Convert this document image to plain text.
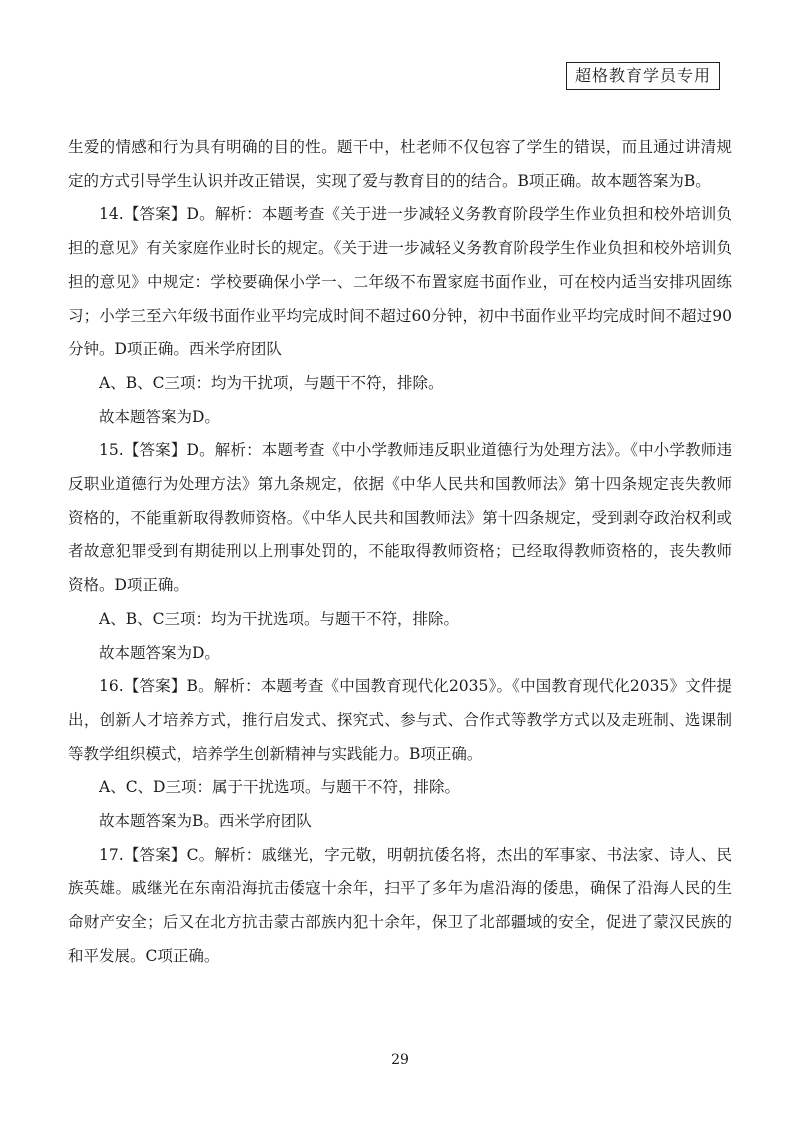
超格教育学员专用

生爱的情感和行为具有明确的目的性。题干中，杜老师不仅包容了学生的错误，而且通过讲清规定的方式引导学生认识并改正错误，实现了爱与教育目的的结合。B项正确。故本题答案为B。

14.【答案】D。解析：本题考查《关于进一步减轻义务教育阶段学生作业负担和校外培训负担的意见》有关家庭作业时长的规定。《关于进一步减轻义务教育阶段学生作业负担和校外培训负担的意见》中规定：学校要确保小学一、二年级不布置家庭书面作业，可在校内适当安排巩固练习；小学三至六年级书面作业平均完成时间不超过60分钟，初中书面作业平均完成时间不超过90分钟。D项正确。西米学府团队

A、B、C三项：均为干扰项，与题干不符，排除。

故本题答案为D。

15.【答案】D。解析：本题考查《中小学教师违反职业道德行为处理方法》。《中小学教师违反职业道德行为处理方法》第九条规定，依据《中华人民共和国教师法》第十四条规定丧失教师资格的，不能重新取得教师资格。《中华人民共和国教师法》第十四条规定，受到剥夺政治权利或者故意犯罪受到有期徒刑以上刑事处罚的，不能取得教师资格；已经取得教师资格的，丧失教师资格。D项正确。

A、B、C三项：均为干扰选项。与题干不符，排除。

故本题答案为D。

16.【答案】B。解析：本题考查《中国教育现代化2035》。《中国教育现代化2035》文件提出，创新人才培养方式，推行启发式、探究式、参与式、合作式等教学方式以及走班制、选课制等教学组织模式，培养学生创新精神与实践能力。B项正确。

A、C、D三项：属于干扰选项。与题干不符，排除。

故本题答案为B。西米学府团队

17.【答案】C。解析：戚继光，字元敬，明朝抗倭名将，杰出的军事家、书法家、诗人、民族英雄。戚继光在东南沿海抗击倭寇十余年，扫平了多年为虐沿海的倭患，确保了沿海人民的生命财产安全；后又在北方抗击蒙古部族内犯十余年，保卫了北部疆域的安全，促进了蒙汉民族的和平发展。C项正确。

29
